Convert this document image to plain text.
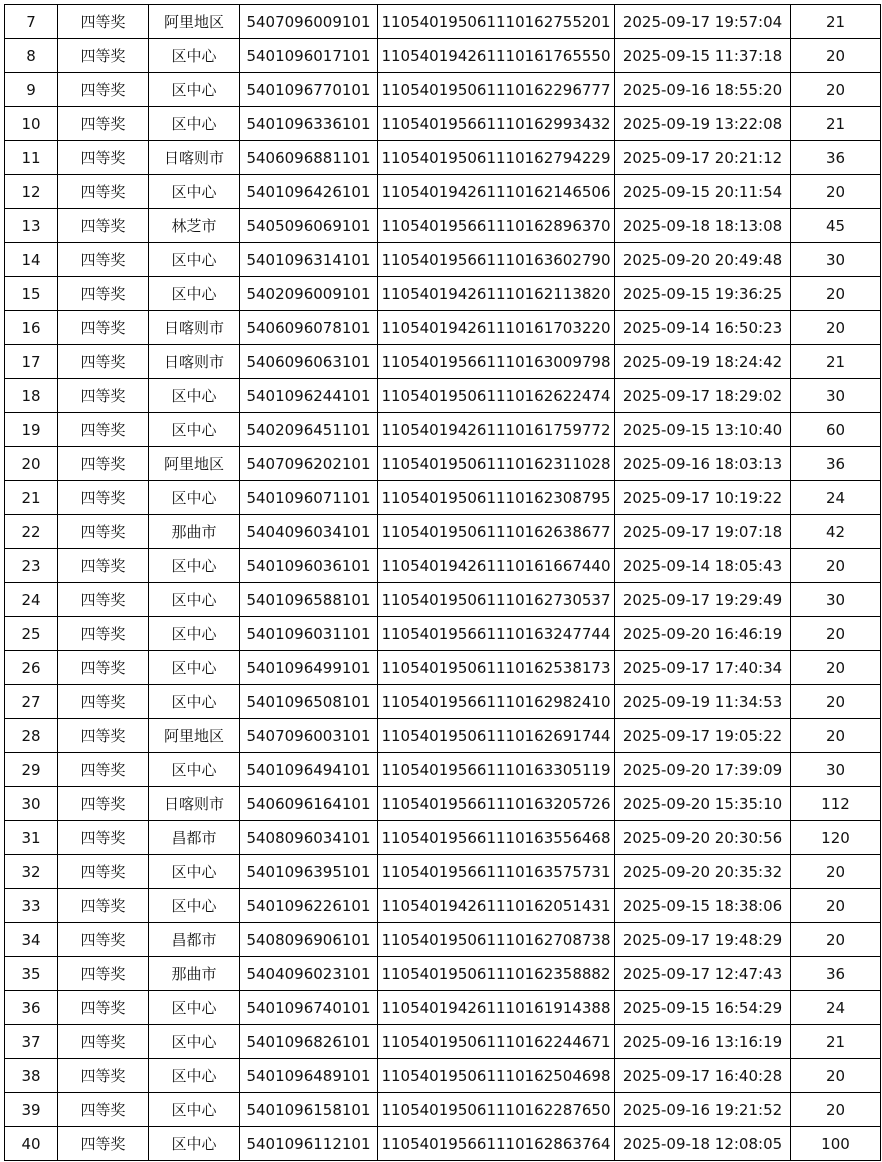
7	四等奖	阿里地区	5407096009101	110540195061110162755201	2025-09-17 19:57:04	21
8	四等奖	区中心	5401096017101	110540194261110161765550	2025-09-15 11:37:18	20
9	四等奖	区中心	5401096770101	110540195061110162296777	2025-09-16 18:55:20	20
10	四等奖	区中心	5401096336101	110540195661110162993432	2025-09-19 13:22:08	21
11	四等奖	日喀则市	5406096881101	110540195061110162794229	2025-09-17 20:21:12	36
12	四等奖	区中心	5401096426101	110540194261110162146506	2025-09-15 20:11:54	20
13	四等奖	林芝市	5405096069101	110540195661110162896370	2025-09-18 18:13:08	45
14	四等奖	区中心	5401096314101	110540195661110163602790	2025-09-20 20:49:48	30
15	四等奖	区中心	5402096009101	110540194261110162113820	2025-09-15 19:36:25	20
16	四等奖	日喀则市	5406096078101	110540194261110161703220	2025-09-14 16:50:23	20
17	四等奖	日喀则市	5406096063101	110540195661110163009798	2025-09-19 18:24:42	21
18	四等奖	区中心	5401096244101	110540195061110162622474	2025-09-17 18:29:02	30
19	四等奖	区中心	5402096451101	110540194261110161759772	2025-09-15 13:10:40	60
20	四等奖	阿里地区	5407096202101	110540195061110162311028	2025-09-16 18:03:13	36
21	四等奖	区中心	5401096071101	110540195061110162308795	2025-09-17 10:19:22	24
22	四等奖	那曲市	5404096034101	110540195061110162638677	2025-09-17 19:07:18	42
23	四等奖	区中心	5401096036101	110540194261110161667440	2025-09-14 18:05:43	20
24	四等奖	区中心	5401096588101	110540195061110162730537	2025-09-17 19:29:49	30
25	四等奖	区中心	5401096031101	110540195661110163247744	2025-09-20 16:46:19	20
26	四等奖	区中心	5401096499101	110540195061110162538173	2025-09-17 17:40:34	20
27	四等奖	区中心	5401096508101	110540195661110162982410	2025-09-19 11:34:53	20
28	四等奖	阿里地区	5407096003101	110540195061110162691744	2025-09-17 19:05:22	20
29	四等奖	区中心	5401096494101	110540195661110163305119	2025-09-20 17:39:09	30
30	四等奖	日喀则市	5406096164101	110540195661110163205726	2025-09-20 15:35:10	112
31	四等奖	昌都市	5408096034101	110540195661110163556468	2025-09-20 20:30:56	120
32	四等奖	区中心	5401096395101	110540195661110163575731	2025-09-20 20:35:32	20
33	四等奖	区中心	5401096226101	110540194261110162051431	2025-09-15 18:38:06	20
34	四等奖	昌都市	5408096906101	110540195061110162708738	2025-09-17 19:48:29	20
35	四等奖	那曲市	5404096023101	110540195061110162358882	2025-09-17 12:47:43	36
36	四等奖	区中心	5401096740101	110540194261110161914388	2025-09-15 16:54:29	24
37	四等奖	区中心	5401096826101	110540195061110162244671	2025-09-16 13:16:19	21
38	四等奖	区中心	5401096489101	110540195061110162504698	2025-09-17 16:40:28	20
39	四等奖	区中心	5401096158101	110540195061110162287650	2025-09-16 19:21:52	20
40	四等奖	区中心	5401096112101	110540195661110162863764	2025-09-18 12:08:05	100
